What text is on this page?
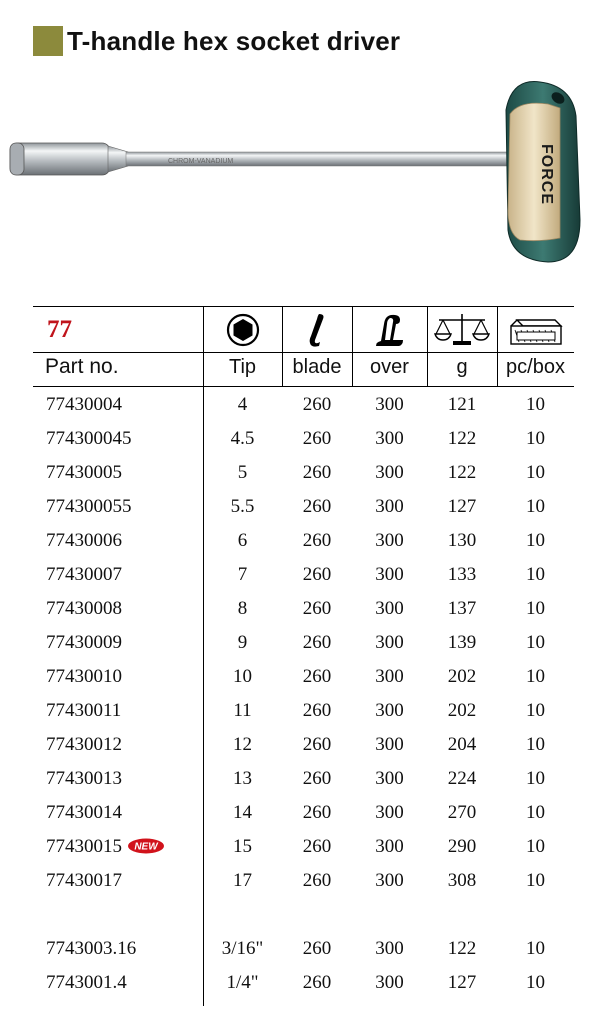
T-handle hex socket driver
CHROM-VANADIUM	FORCE
77
Part no.	Tip	blade	over	g	pc/box
77430004	4	260	300	121	10
774300045	4.5	260	300	122	10
77430005	5	260	300	122	10
774300055	5.5	260	300	127	10
77430006	6	260	300	130	10
77430007	7	260	300	133	10
77430008	8	260	300	137	10
77430009	9	260	300	139	10
77430010	10	260	300	202	10
77430011	11	260	300	202	10
77430012	12	260	300	204	10
77430013	13	260	300	224	10
77430014	14	260	300	270	10
77430015 NEW	15	260	300	290	10
77430017	17	260	300	308	10
7743003.16	3/16"	260	300	122	10
7743001.4	1/4"	260	300	127	10
